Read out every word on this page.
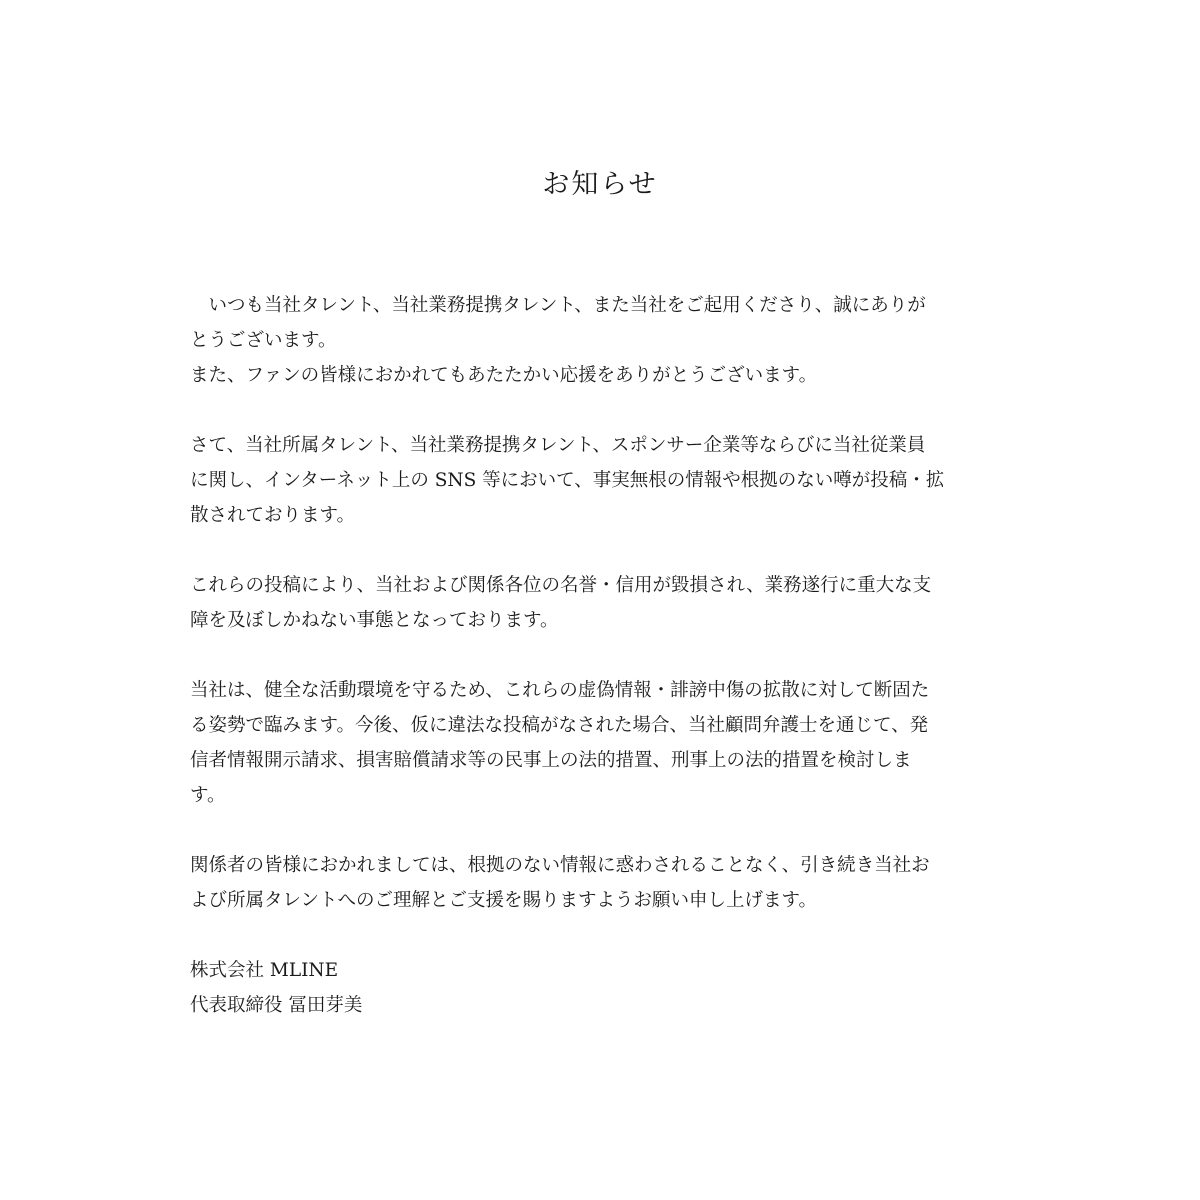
お知らせ

　いつも当社タレント、当社業務提携タレント、また当社をご起用くださり、誠にありが
とうございます。
また、ファンの皆様におかれてもあたたかい応援をありがとうございます。

さて、当社所属タレント、当社業務提携タレント、スポンサー企業等ならびに当社従業員
に関し、インターネット上の SNS 等において、事実無根の情報や根拠のない噂が投稿・拡
散されております。

これらの投稿により、当社および関係各位の名誉・信用が毀損され、業務遂行に重大な支
障を及ぼしかねない事態となっております。

当社は、健全な活動環境を守るため、これらの虚偽情報・誹謗中傷の拡散に対して断固た
る姿勢で臨みます。今後、仮に違法な投稿がなされた場合、当社顧問弁護士を通じて、発
信者情報開示請求、損害賠償請求等の民事上の法的措置、刑事上の法的措置を検討しま
す。

関係者の皆様におかれましては、根拠のない情報に惑わされることなく、引き続き当社お
よび所属タレントへのご理解とご支援を賜りますようお願い申し上げます。

株式会社 MLINE
代表取締役 冨田芽美
